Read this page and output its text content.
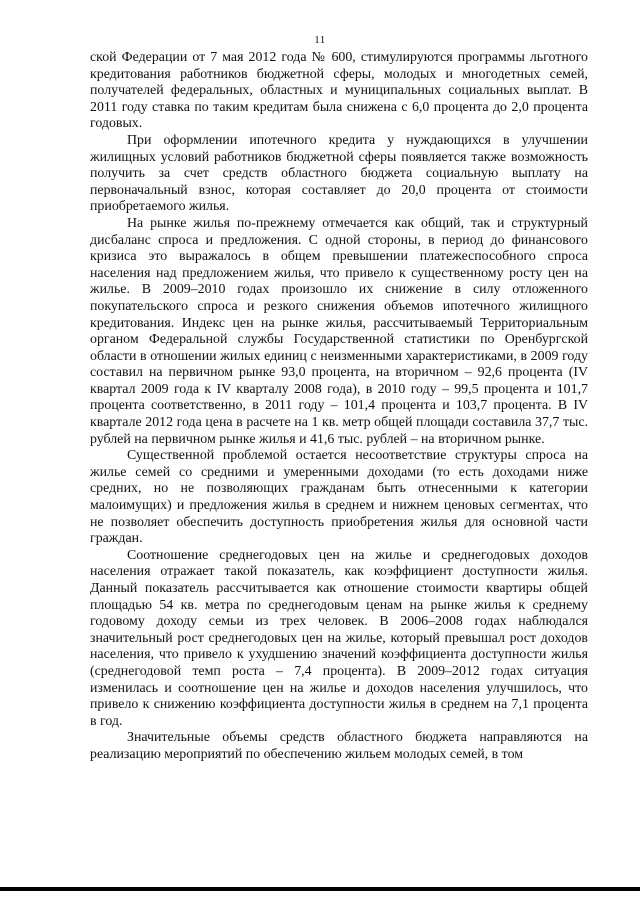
11

ской Федерации от 7 мая 2012 года № 600, стимулируются программы льготного кредитования работников бюджетной сферы, молодых и многодетных семей, получателей федеральных, областных и муниципальных социальных выплат. В 2011 году ставка по таким кредитам была снижена с 6,0 процента до 2,0 процента годовых.

При оформлении ипотечного кредита у нуждающихся в улучшении жилищных условий работников бюджетной сферы появляется также возможность получить за счет средств областного бюджета социальную выплату на первоначальный взнос, которая составляет до 20,0 процента от стоимости приобретаемого жилья.

На рынке жилья по-прежнему отмечается как общий, так и структурный дисбаланс спроса и предложения. С одной стороны, в период до финансового кризиса это выражалось в общем превышении платежеспособного спроса населения над предложением жилья, что привело к существенному росту цен на жилье. В 2009–2010 годах произошло их снижение в силу отложенного покупательского спроса и резкого снижения объемов ипотечного жилищного кредитования. Индекс цен на рынке жилья, рассчитываемый Территориальным органом Федеральной службы Государственной статистики по Оренбургской области в отношении жилых единиц с неизменными характеристиками, в 2009 году составил на первичном рынке 93,0 процента, на вторичном – 92,6 процента (IV квартал 2009 года к IV кварталу 2008 года), в 2010 году – 99,5 процента и 101,7 процента соответственно, в 2011 году – 101,4 процента и 103,7 процента. В IV квартале 2012 года цена в расчете на 1 кв. метр общей площади составила 37,7 тыс. рублей на первичном рынке жилья и 41,6 тыс. рублей – на вторичном рынке.

Существенной проблемой остается несоответствие структуры спроса на жилье семей со средними и умеренными доходами (то есть доходами ниже средних, но не позволяющих гражданам быть отнесенными к категории малоимущих) и предложения жилья в среднем и нижнем ценовых сегментах, что не позволяет обеспечить доступность приобретения жилья для основной части граждан.

Соотношение среднегодовых цен на жилье и среднегодовых доходов населения отражает такой показатель, как коэффициент доступности жилья. Данный показатель рассчитывается как отношение стоимости квартиры общей площадью 54 кв. метра по среднегодовым ценам на рынке жилья к среднему годовому доходу семьи из трех человек. В 2006–2008 годах наблюдался значительный рост среднегодовых цен на жилье, который превышал рост доходов населения, что привело к ухудшению значений коэффициента доступности жилья (среднегодовой темп роста – 7,4 процента). В 2009–2012 годах ситуация изменилась и соотношение цен на жилье и доходов населения улучшилось, что привело к снижению коэффициента доступности жилья в среднем на 7,1 процента в год.

Значительные объемы средств областного бюджета направляются на реализацию мероприятий по обеспечению жильем молодых семей, в том
